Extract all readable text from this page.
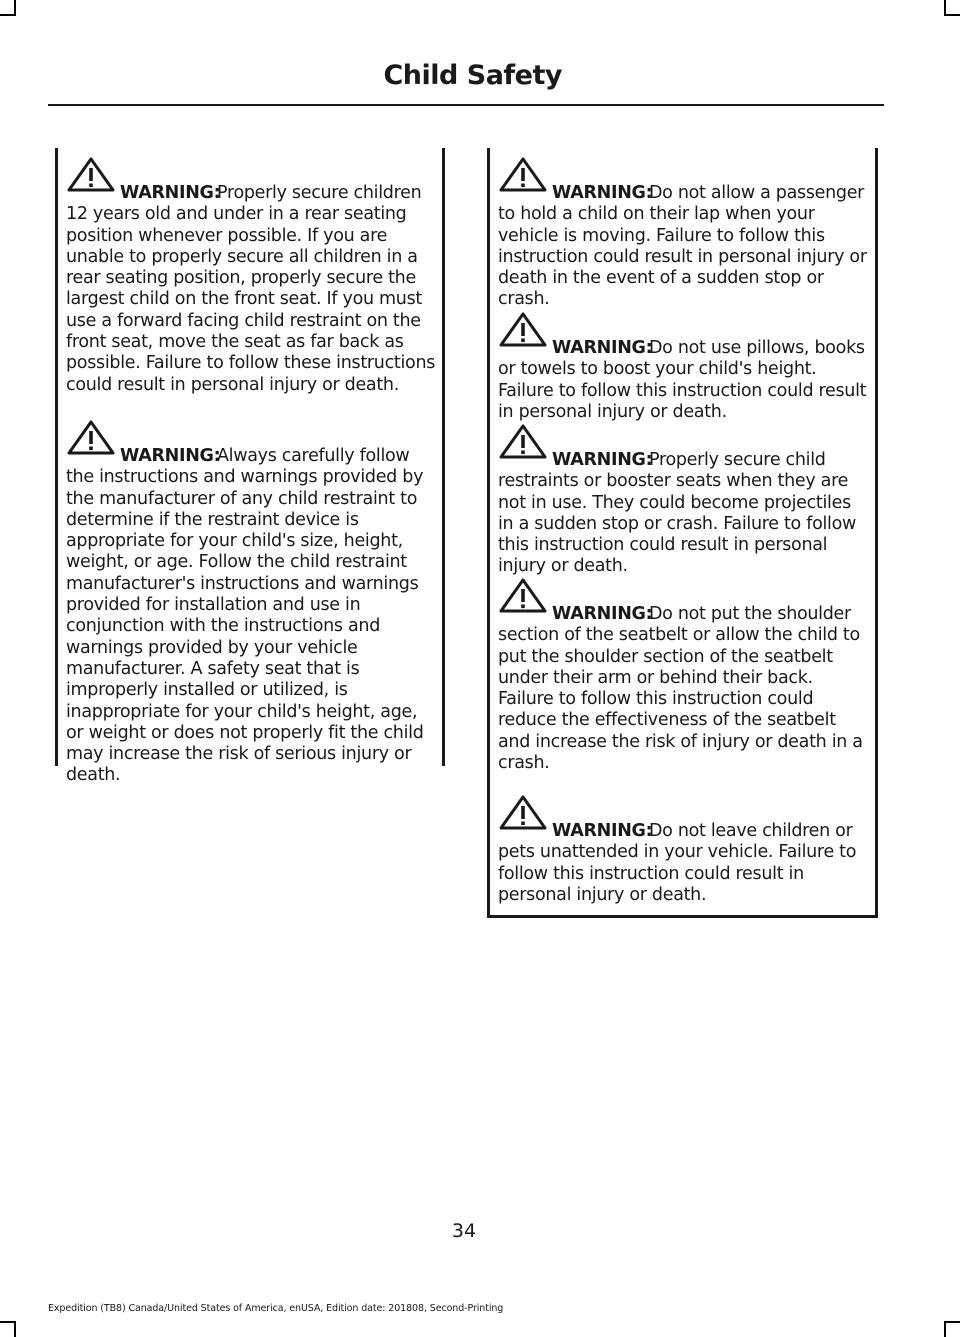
Child Safety
WARNING:
Properly secure children 12 years old and under in a rear seating position whenever possible. If you are unable to properly secure all children in a rear seating position, properly secure the largest child on the front seat. If you must use a forward facing child restraint on the front seat, move the seat as far back as possible. Failure to follow these instructions could result in personal injury or death.
WARNING:
Always carefully follow the instructions and warnings provided by the manufacturer of any child restraint to determine if the restraint device is appropriate for your child's size, height, weight, or age. Follow the child restraint manufacturer's instructions and warnings provided for installation and use in conjunction with the instructions and warnings provided by your vehicle manufacturer. A safety seat that is improperly installed or utilized, is inappropriate for your child's height, age, or weight or does not properly fit the child may increase the risk of serious injury or death.
WARNING:
Do not allow a passenger to hold a child on their lap when your vehicle is moving. Failure to follow this instruction could result in personal injury or death in the event of a sudden stop or crash.
WARNING:
Do not use pillows, books or towels to boost your child's height. Failure to follow this instruction could result in personal injury or death.
WARNING:
Properly secure child restraints or booster seats when they are not in use. They could become projectiles in a sudden stop or crash. Failure to follow this instruction could result in personal injury or death.
WARNING:
Do not put the shoulder section of the seatbelt or allow the child to put the shoulder section of the seatbelt under their arm or behind their back. Failure to follow this instruction could reduce the effectiveness of the seatbelt and increase the risk of injury or death in a crash.
WARNING:
Do not leave children or pets unattended in your vehicle. Failure to follow this instruction could result in personal injury or death.
34
Expedition (TB8) Canada/United States of America, enUSA, Edition date: 201808, Second-Printing
